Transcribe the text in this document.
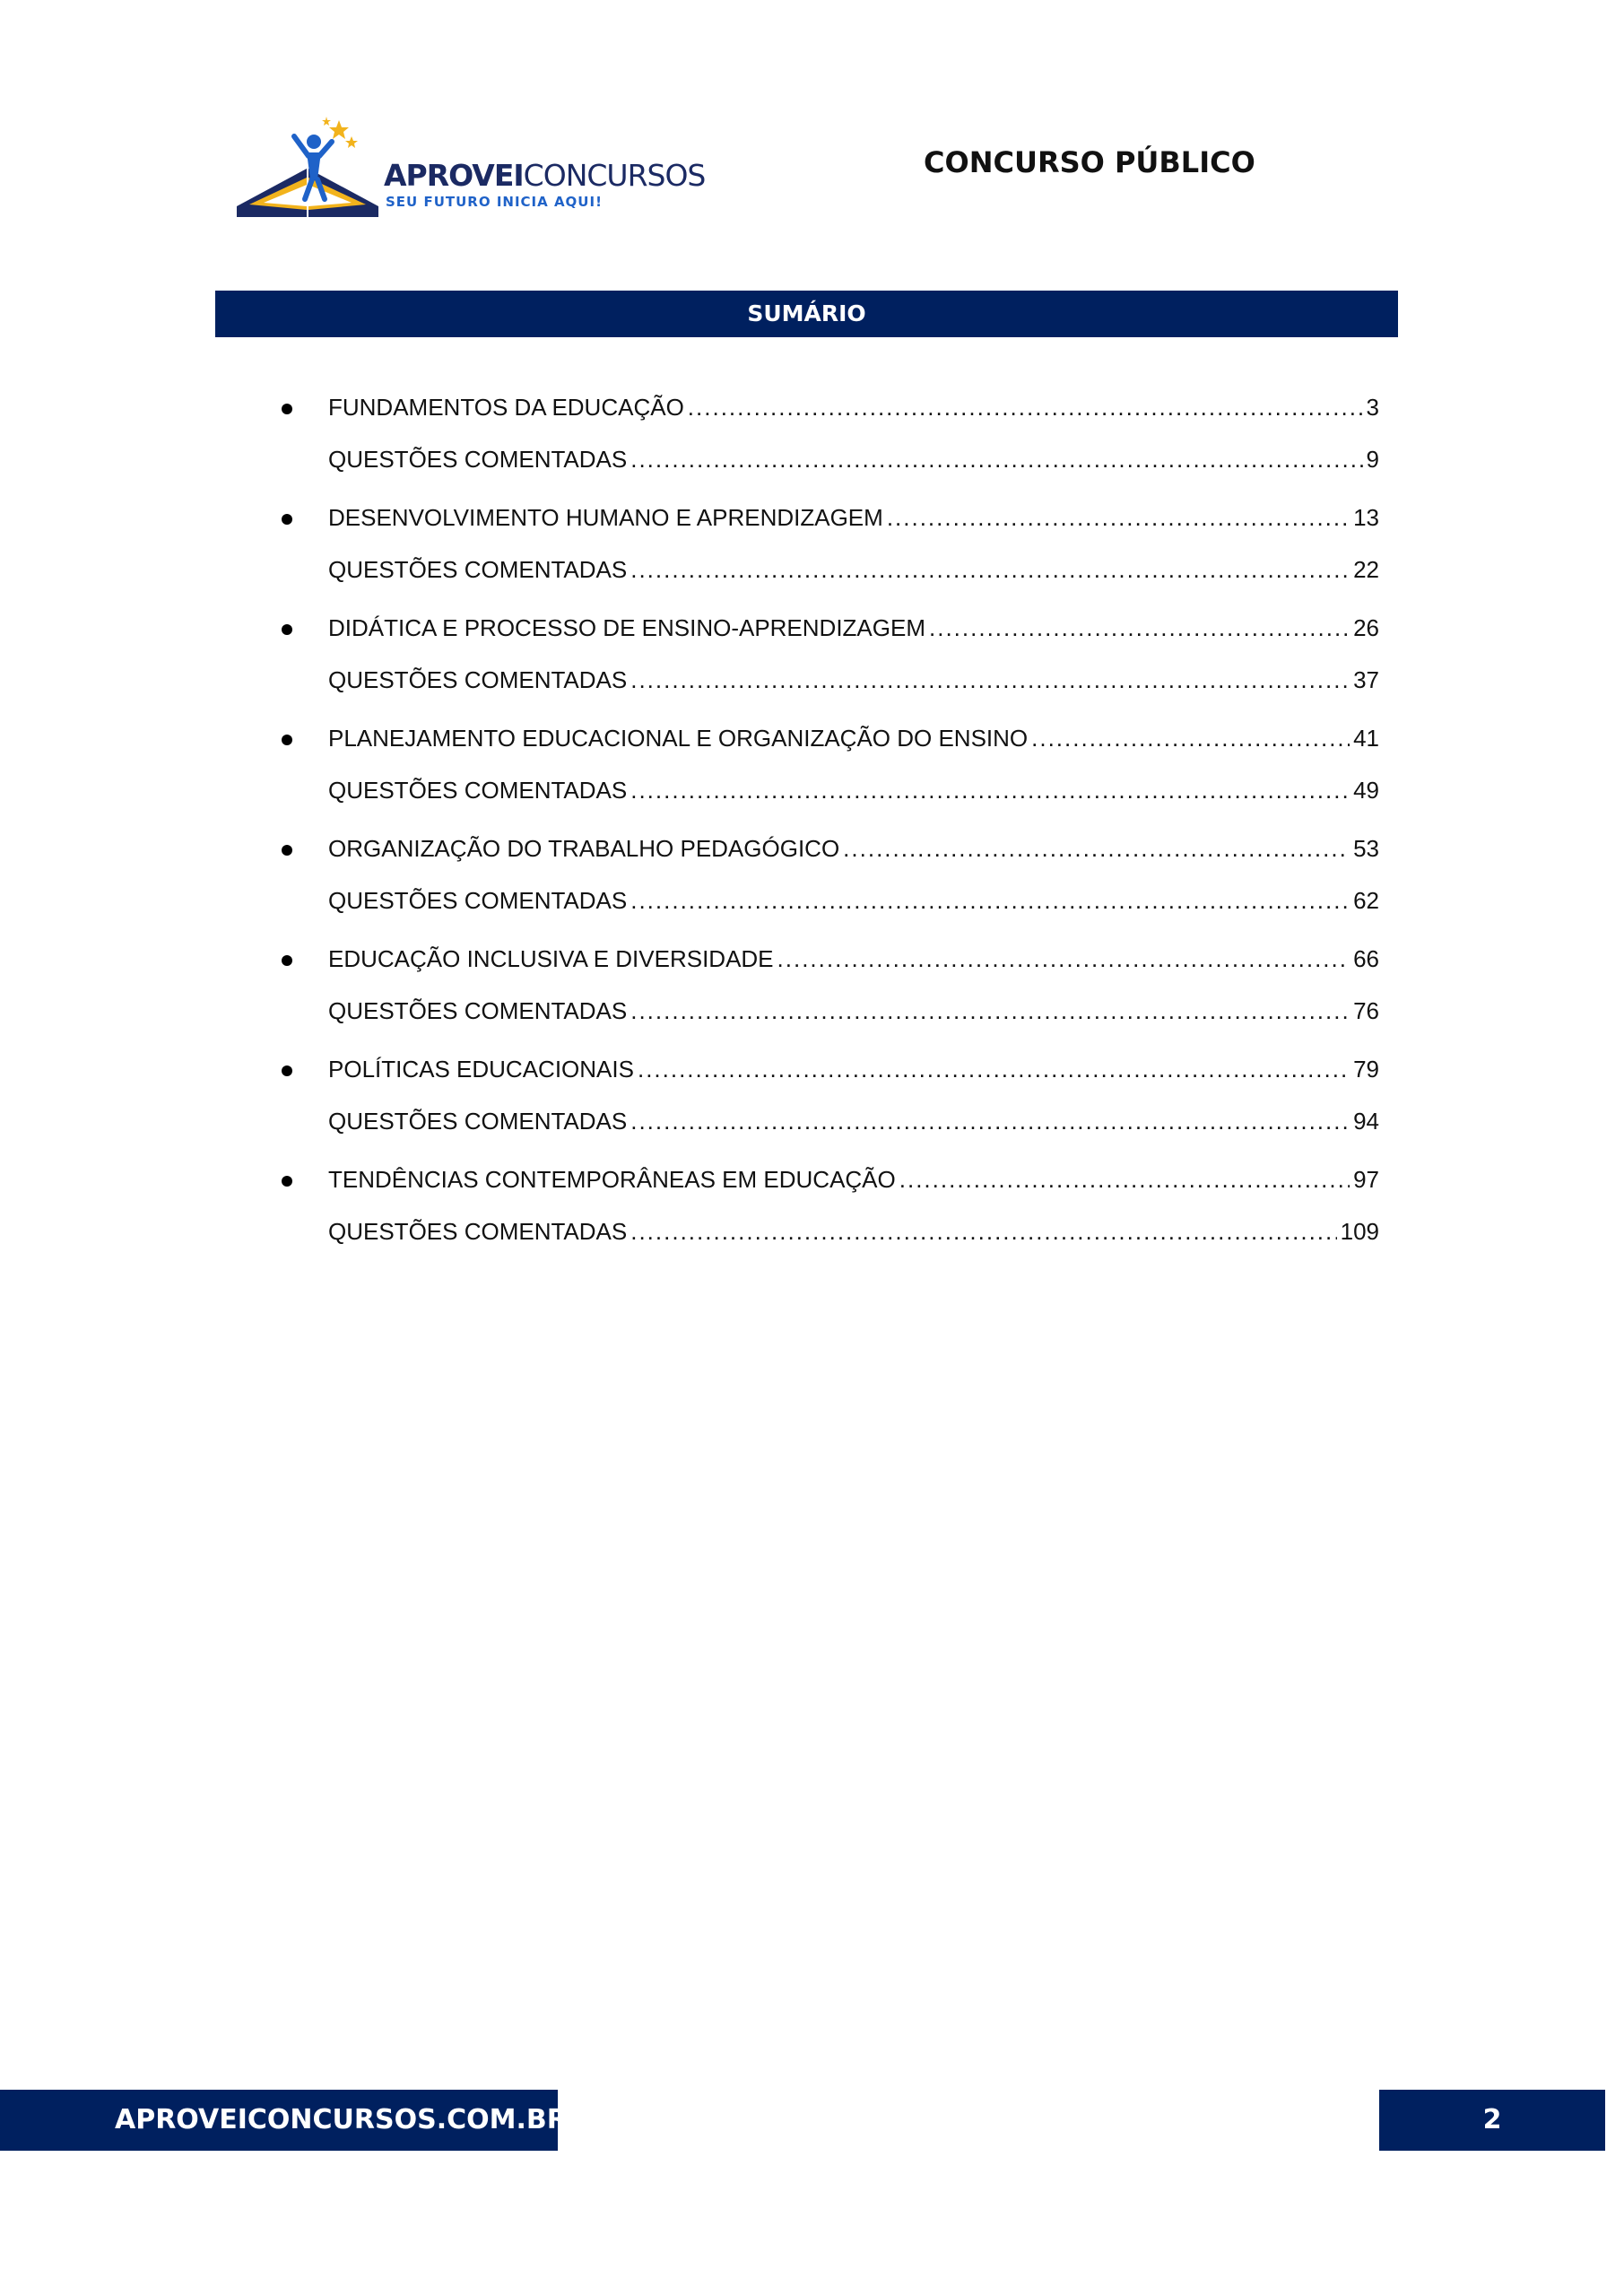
APROVEICONCURSOS
SEU FUTURO INICIA AQUI!
CONCURSO PÚBLICO
SUMÁRIO
FUNDAMENTOS DA EDUCAÇÃO .....	3
QUESTÕES COMENTADAS .....	9
DESENVOLVIMENTO HUMANO E APRENDIZAGEM .....	13
QUESTÕES COMENTADAS .....	22
DIDÁTICA E PROCESSO DE ENSINO-APRENDIZAGEM .....	26
QUESTÕES COMENTADAS .....	37
PLANEJAMENTO EDUCACIONAL E ORGANIZAÇÃO DO ENSINO .....	41
QUESTÕES COMENTADAS .....	49
ORGANIZAÇÃO DO TRABALHO PEDAGÓGICO .....	53
QUESTÕES COMENTADAS .....	62
EDUCAÇÃO INCLUSIVA E DIVERSIDADE .....	66
QUESTÕES COMENTADAS .....	76
POLÍTICAS EDUCACIONAIS .....	79
QUESTÕES COMENTADAS .....	94
TENDÊNCIAS CONTEMPORÂNEAS EM EDUCAÇÃO .....	97
QUESTÕES COMENTADAS .....	109
APROVEICONCURSOS.COM.BR	2
